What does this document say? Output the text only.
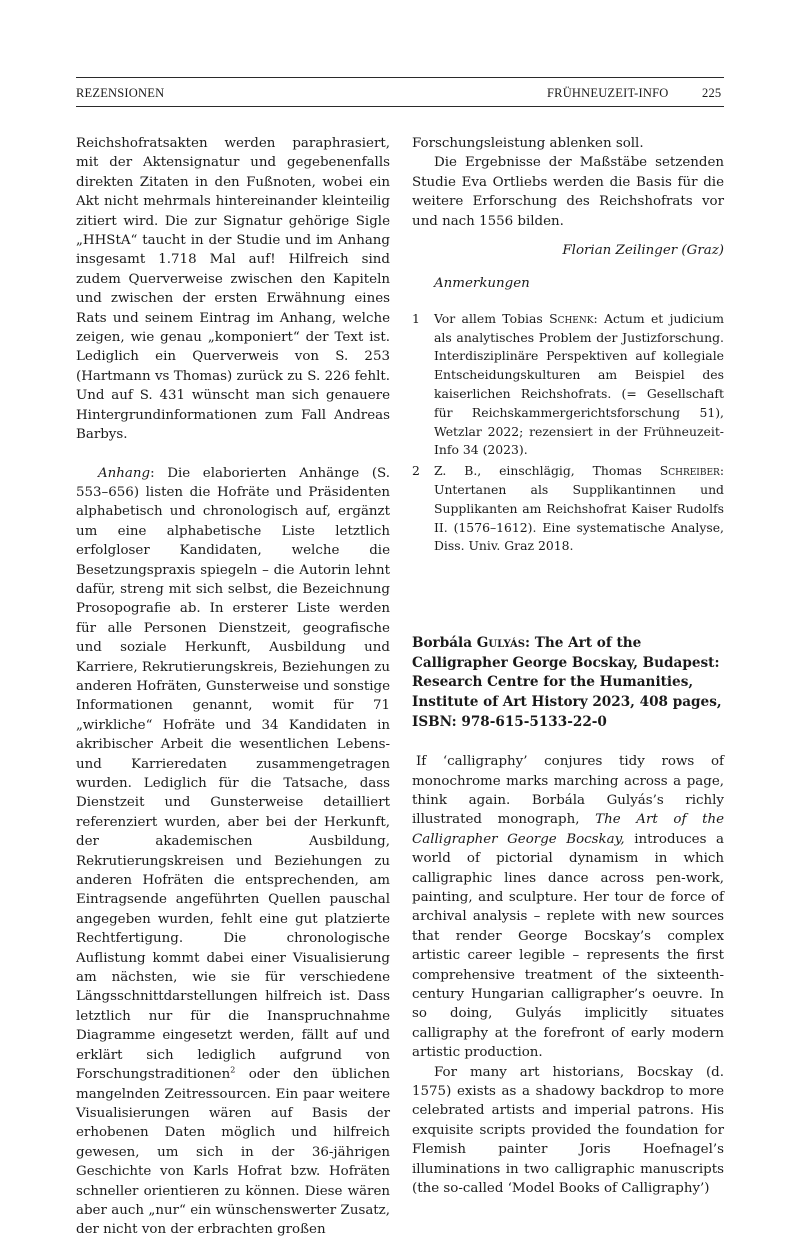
REZENSIONEN	FRÜHNEUZEIT-INFO	225

Reichshofratsakten werden paraphrasiert, mit der Aktensignatur und gegebenenfalls direkten Zitaten in den Fußnoten, wobei ein Akt nicht mehrmals hintereinander kleinteilig zitiert wird. Die zur Signatur gehörige Sigle „HHStA“ taucht in der Studie und im Anhang insgesamt 1.718 Mal auf! Hilfreich sind zudem Querverweise zwischen den Kapiteln und zwischen der ersten Erwähnung eines Rats und seinem Eintrag im Anhang, welche zeigen, wie genau „komponiert“ der Text ist. Lediglich ein Querverweis von S. 253 (Hartmann vs Thomas) zurück zu S. 226 fehlt. Und auf S. 431 wünscht man sich genauere Hintergrundinformationen zum Fall Andreas Barbys.

Anhang: Die elaborierten Anhänge (S. 553–656) listen die Hofräte und Präsidenten alphabetisch und chronologisch auf, ergänzt um eine alphabetische Liste letztlich erfolgloser Kandidaten, welche die Besetzungspraxis spiegeln – die Autorin lehnt dafür, streng mit sich selbst, die Bezeichnung Prosopografie ab. In ersterer Liste werden für alle Personen Dienstzeit, geografische und soziale Herkunft, Ausbildung und Karriere, Rekrutierungskreis, Beziehungen zu anderen Hofräten, Gunsterweise und sonstige Informationen genannt, womit für 71 „wirkliche“ Hofräte und 34 Kandidaten in akribischer Arbeit die wesentlichen Lebens- und Karrieredaten zusammengetragen wurden. Lediglich für die Tatsache, dass Dienstzeit und Gunsterweise detailliert referenziert wurden, aber bei der Herkunft, der akademischen Ausbildung, Rekrutierungskreisen und Beziehungen zu anderen Hofräten die entsprechenden, am Eintragsende angeführten Quellen pauschal angegeben wurden, fehlt eine gut platzierte Rechtfertigung. Die chronologische Auflistung kommt dabei einer Visualisierung am nächsten, wie sie für verschiedene Längsschnittdarstellungen hilfreich ist. Dass letztlich nur für die Inanspruchnahme Diagramme eingesetzt werden, fällt auf und erklärt sich lediglich aufgrund von Forschungstraditionen$^2$ oder den üblichen mangelnden Zeitressourcen. Ein paar weitere Visualisierungen wären auf Basis der erhobenen Daten möglich und hilfreich gewesen, um sich in der 36-jährigen Geschichte von Karls Hofrat bzw. Hofräten schneller orientieren zu können. Diese wären aber auch „nur“ ein wünschenswerter Zusatz, der nicht von der erbrachten großen

Forschungsleistung ablenken soll.

Die Ergebnisse der Maßstäbe setzenden Studie Eva Ortliebs werden die Basis für die weitere Erforschung des Reichshofrats vor und nach 1556 bilden.

Florian Zeilinger (Graz)

Anmerkungen

1	Vor allem Tobias Schenk: Actum et judicium als analytisches Problem der Justizforschung. Interdisziplinäre Perspektiven auf kollegiale Entscheidungskulturen am Beispiel des kaiserlichen Reichshofrats. (= Gesellschaft für Reichskammergerichtsforschung 51), Wetzlar 2022; rezensiert in der Frühneuzeit-Info 34 (2023).
2	Z. B., einschlägig, Thomas Schreiber: Untertanen als Supplikantinnen und Supplikanten am Reichshofrat Kaiser Rudolfs II. (1576–1612). Eine systematische Analyse, Diss. Univ. Graz 2018.

Borbála Gulyás: The Art of the Calligrapher George Bocskay, Budapest: Research Centre for the Humanities, Institute of Art History 2023, 408 pages, ISBN: 978-615-5133-22-0

If ‘calligraphy’ conjures tidy rows of monochrome marks marching across a page, think again. Borbála Gulyás’s richly illustrated monograph, The Art of the Calligrapher George Bocskay, introduces a world of pictorial dynamism in which calligraphic lines dance across pen-work, painting, and sculpture. Her tour de force of archival analysis – replete with new sources that render George Bocskay’s complex artistic career legible – represents the first comprehensive treatment of the sixteenth-century Hungarian calligrapher’s oeuvre. In so doing, Gulyás implicitly situates calligraphy at the forefront of early modern artistic production.

For many art historians, Bocskay (d. 1575) exists as a shadowy backdrop to more celebrated artists and imperial patrons. His exquisite scripts provided the foundation for Flemish painter Joris Hoefnagel’s illuminations in two calligraphic manuscripts (the so-called ‘Model Books of Calligraphy’)
